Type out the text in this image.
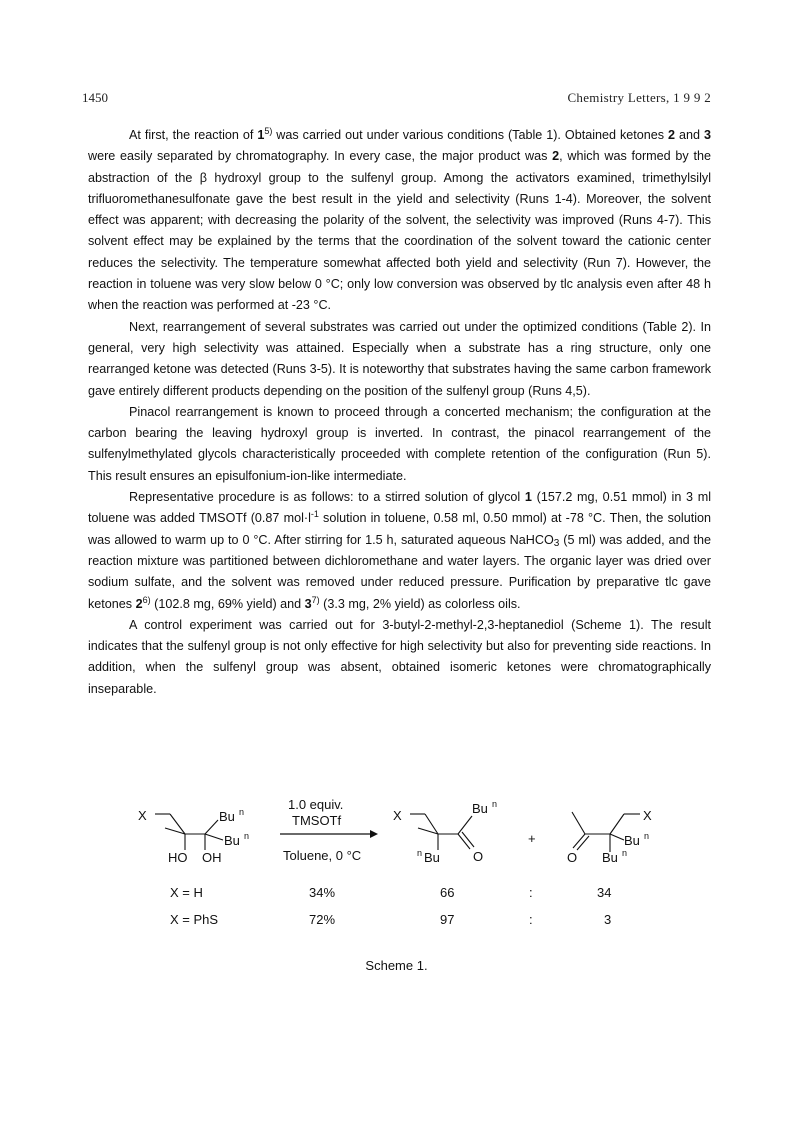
1450	Chemistry Letters, 1 9 9 2

At first, the reaction of 1$^{5)}$ was carried out under various conditions (Table 1). Obtained ketones 2 and 3 were easily separated by chromatography. In every case, the major product was 2, which was formed by the abstraction of the β hydroxyl group to the sulfenyl group. Among the activators examined, trimethylsilyl trifluoromethanesulfonate gave the best result in the yield and selectivity (Runs 1-4). Moreover, the solvent effect was apparent; with decreasing the polarity of the solvent, the selectivity was improved (Runs 4-7). This solvent effect may be explained by the terms that the coordination of the solvent toward the cationic center reduces the selectivity. The temperature somewhat affected both yield and selectivity (Run 7). However, the reaction in toluene was very slow below 0 °C; only low conversion was observed by tlc analysis even after 48 h when the reaction was performed at -23 °C.

Next, rearrangement of several substrates was carried out under the optimized conditions (Table 2). In general, very high selectivity was attained. Especially when a substrate has a ring structure, only one rearranged ketone was detected (Runs 3-5). It is noteworthy that substrates having the same carbon framework gave entirely different products depending on the position of the sulfenyl group (Runs 4,5).

Pinacol rearrangement is known to proceed through a concerted mechanism; the configuration at the carbon bearing the leaving hydroxyl group is inverted. In contrast, the pinacol rearrangement of the sulfenylmethylated glycols characteristically proceeded with complete retention of the configuration (Run 5). This result ensures an episulfonium-ion-like intermediate.

Representative procedure is as follows: to a stirred solution of glycol 1 (157.2 mg, 0.51 mmol) in 3 ml toluene was added TMSOTf (0.87 $mol\cdot l^{-1}$ solution in toluene, 0.58 ml, 0.50 mmol) at -78 °C. Then, the solution was allowed to warm up to 0 °C. After stirring for 1.5 h, saturated aqueous NaHCO$_3$ (5 ml) was added, and the reaction mixture was partitioned between dichloromethane and water layers. The organic layer was dried over sodium sulfate, and the solvent was removed under reduced pressure. Purification by preparative tlc gave ketones 2$^{6)}$ (102.8 mg, 69% yield) and 3$^{7)}$ (3.3 mg, 2% yield) as colorless oils.

A control experiment was carried out for 3-butyl-2-methyl-2,3-heptanediol (Scheme 1). The result indicates that the sulfenyl group is not only effective for high selectivity but also for preventing side reactions. In addition, when the sulfenyl group was absent, obtained isomeric ketones were chromatographically inseparable.

X	Bu n
Bu n
HO OH
1.0 equiv.
TMSOTf
Toluene, 0 °C
X	Bu n
n Bu	O
+
X
O
Bu n
Bu n
X = H	34%	66	:	34
X = PhS	72%	97	:	3
Scheme 1.
